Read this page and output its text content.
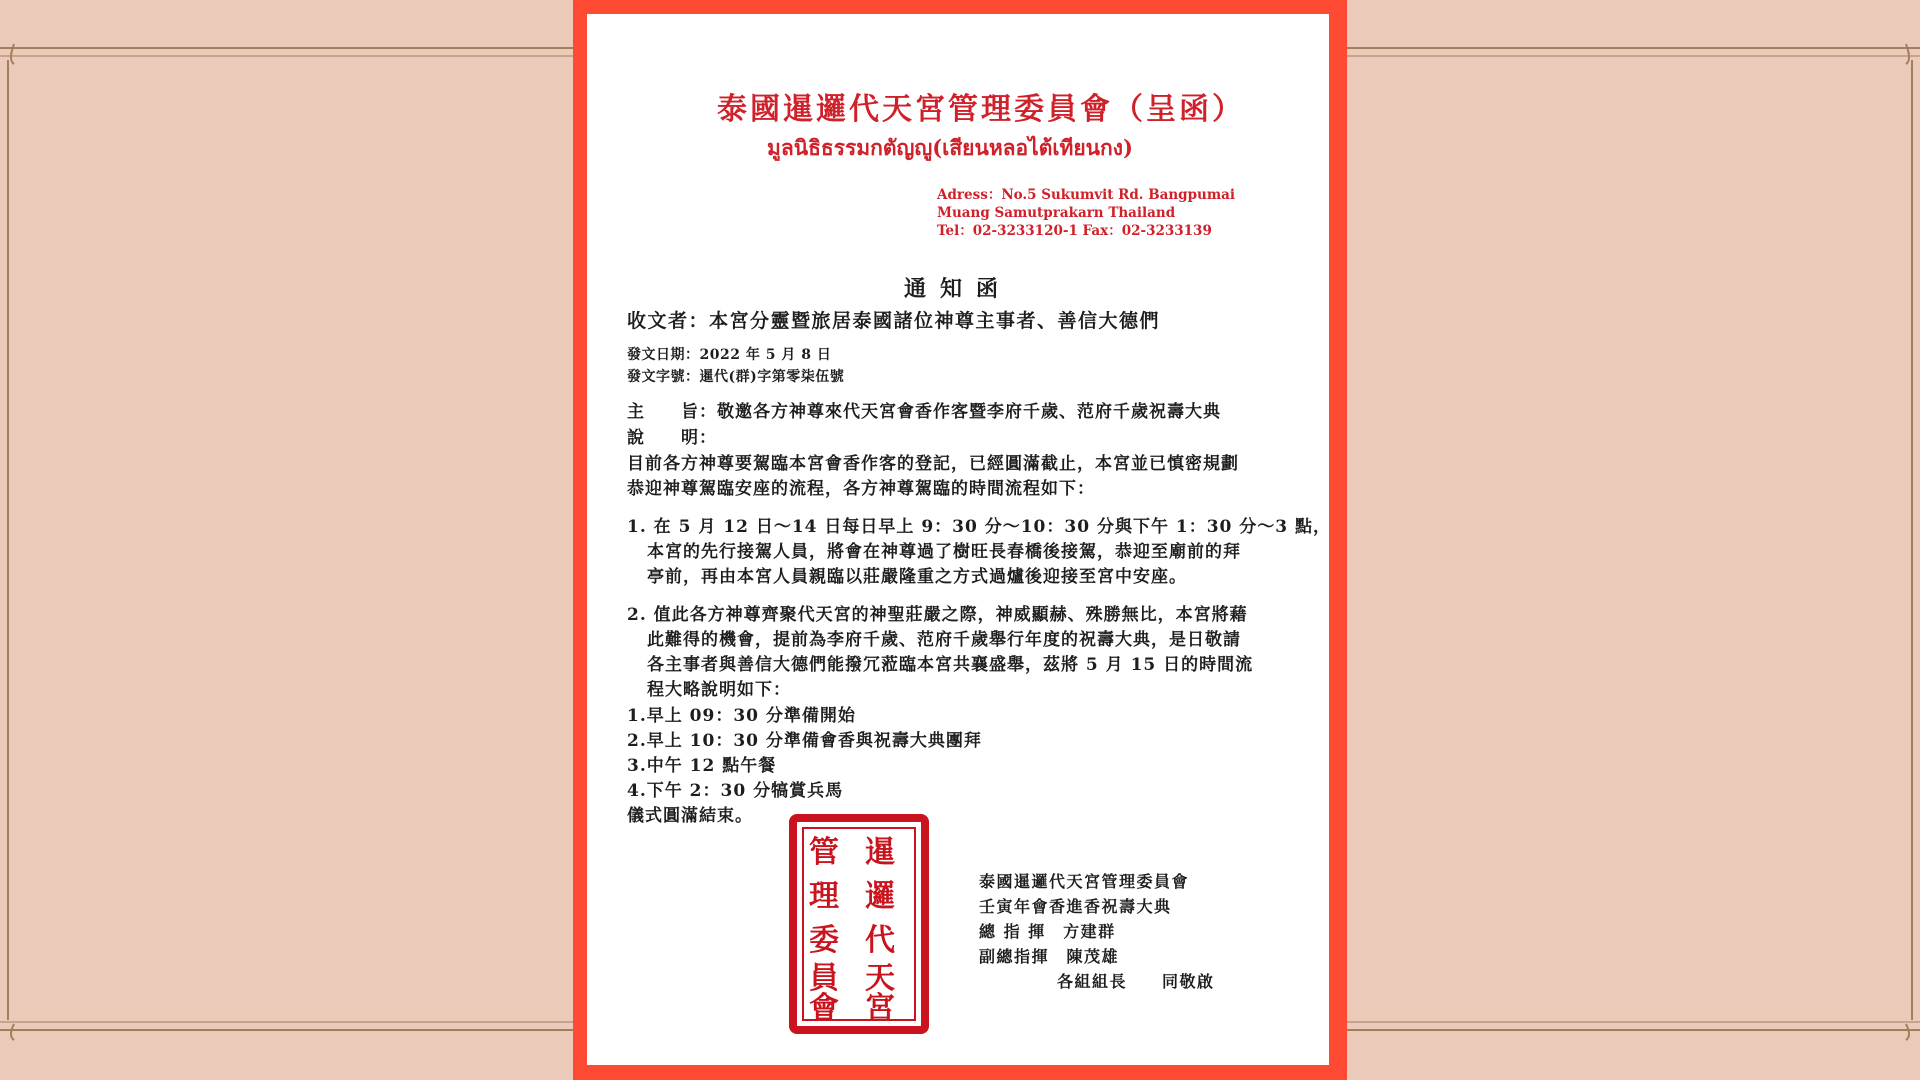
泰國暹邏代天宮管理委員會（呈函）
มูลนิธิธรรมกตัญญู(เสียนหลอไต้เทียนกง)
Adress：No.5 Sukumvit Rd. Bangpumai
Muang Samutprakarn Thailand
Tel：02-3233120-1 Fax：02-3233139
通知函
收文者：本宮分靈暨旅居泰國諸位神尊主事者、善信大德們
發文日期：2022 年 5 月 8 日
發文字號：暹代(群)字第零柒伍號
主　　旨：敬邀各方神尊來代天宮會香作客暨李府千歲、范府千歲祝壽大典
說　　明：
目前各方神尊要駕臨本宮會香作客的登記，已經圓滿截止，本宮並已慎密規劃
恭迎神尊駕臨安座的流程，各方神尊駕臨的時間流程如下：
1. 在 5 月 12 日～14 日每日早上 9：30 分～10：30 分與下午 1：30 分～3 點，
本宮的先行接駕人員，將會在神尊過了樹旺長春橋後接駕，恭迎至廟前的拜
亭前，再由本宮人員親臨以莊嚴隆重之方式過爐後迎接至宮中安座。
2. 值此各方神尊齊聚代天宮的神聖莊嚴之際，神威顯赫、殊勝無比，本宮將藉
此難得的機會，提前為李府千歲、范府千歲舉行年度的祝壽大典，是日敬請
各主事者與善信大德們能撥冗蒞臨本宮共襄盛舉，茲將 5 月 15 日的時間流
程大略說明如下：
1.早上 09：30 分準備開始
2.早上 10：30 分準備會香與祝壽大典團拜
3.中午 12 點午餐
4.下午 2：30 分犒賞兵馬
儀式圓滿結束。
暹
邏
代
天
宮
管
理
委
員
會
泰國暹邏代天宮管理委員會
壬寅年會香進香祝壽大典
總 指 揮　方建群
副總指揮　陳茂雄
各組組長　　同敬啟
